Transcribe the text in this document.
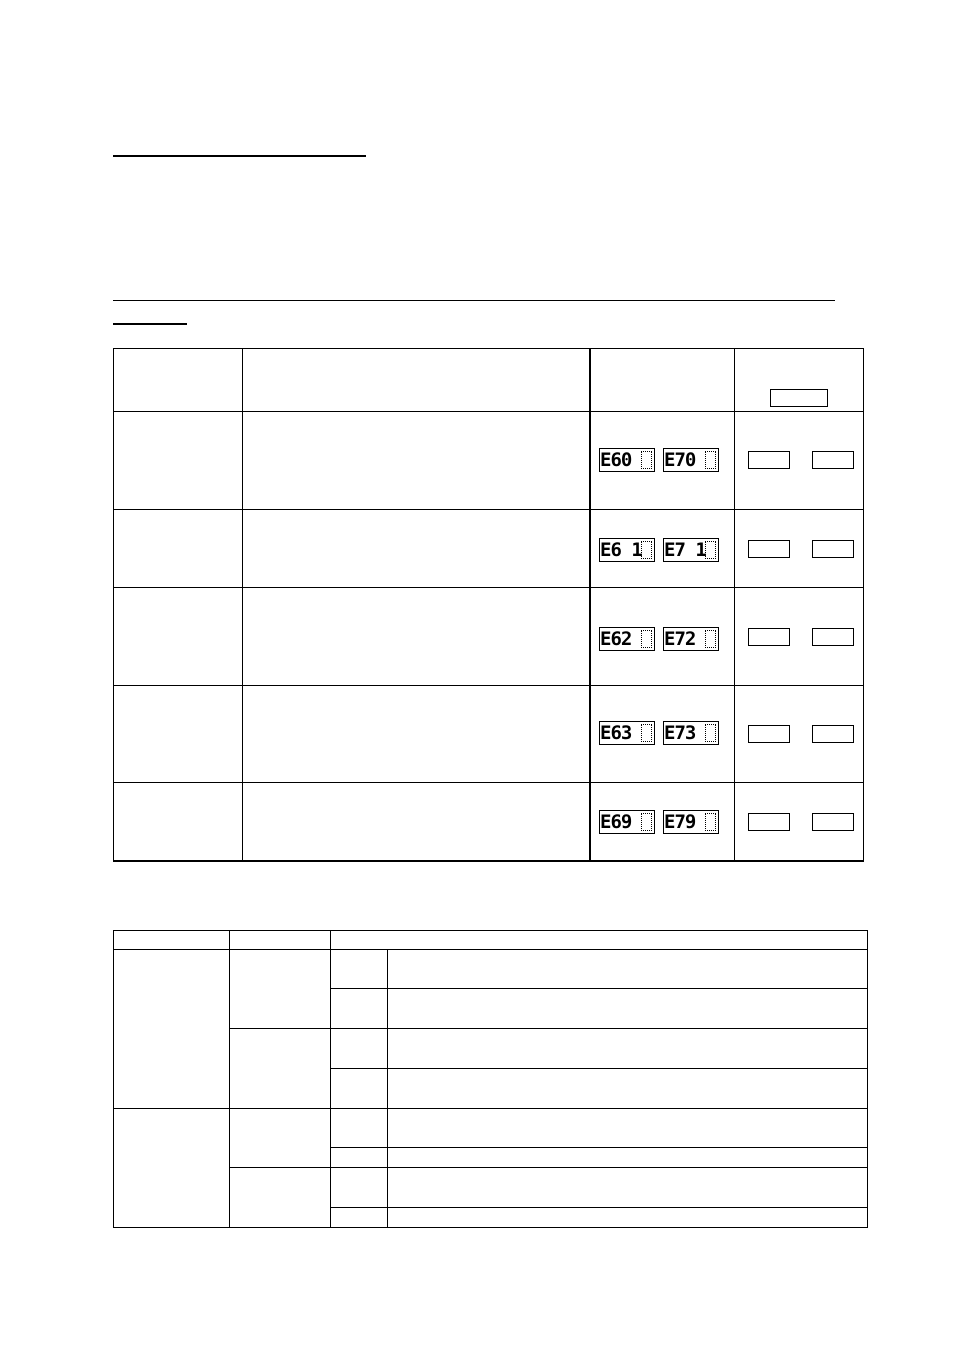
E60 E70
E6 1 E7 1
E62 E72
E63 E73
E69 E79
